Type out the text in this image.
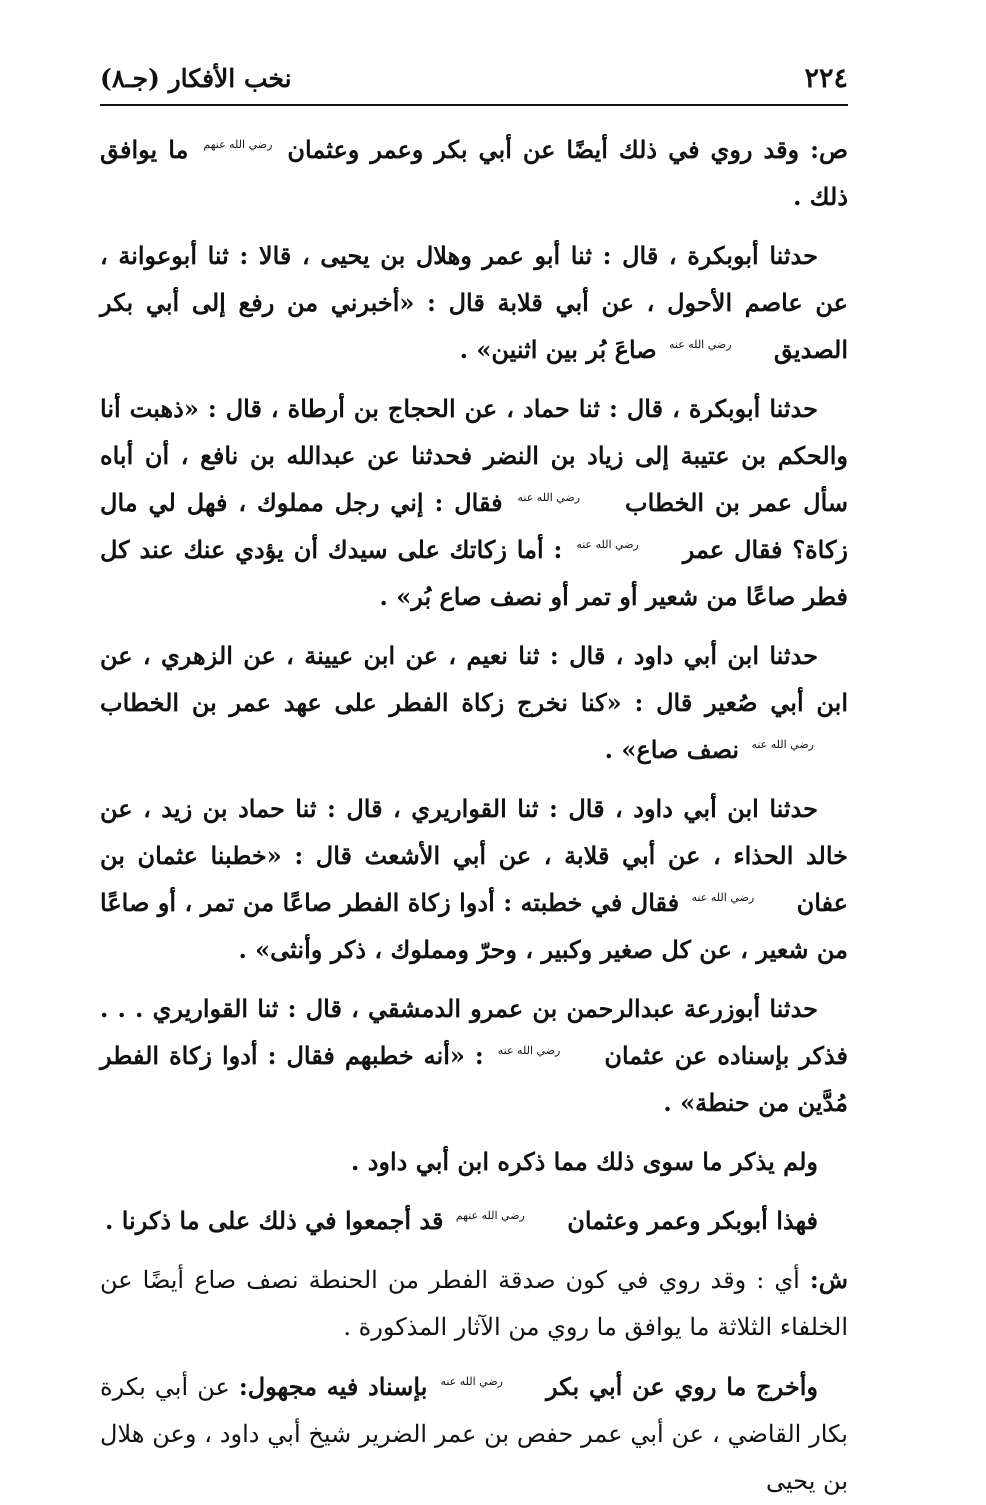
٢٢٤
نخب الأفكار (جـ٨)

ص: وقد روي في ذلك أيضًا عن أبي بكر وعمر وعثمان رضي الله عنهم ما يوافق ذلك .

حدثنا أبوبكرة ، قال : ثنا أبو عمر وهلال بن يحيى ، قالا : ثنا أبوعوانة ، عن عاصم الأحول ، عن أبي قلابة قال : «أخبرني من رفع إلى أبي بكر الصديق رضي الله عنه صاعَ بُر بين اثنين» .

حدثنا أبوبكرة ، قال : ثنا حماد ، عن الحجاج بن أرطاة ، قال : «ذهبت أنا والحكم بن عتيبة إلى زياد بن النضر فحدثنا عن عبدالله بن نافع ، أن أباه سأل عمر بن الخطاب رضي الله عنه فقال : إني رجل مملوك ، فهل لي مال زكاة؟ فقال عمر رضي الله عنه : أما زكاتك على سيدك أن يؤدي عنك عند كل فطر صاعًا من شعير أو تمر أو نصف صاع بُر» .

حدثنا ابن أبي داود ، قال : ثنا نعيم ، عن ابن عيينة ، عن الزهري ، عن ابن أبي صُعير قال : «كنا نخرج زكاة الفطر على عهد عمر بن الخطاب رضي الله عنه نصف صاع» .

حدثنا ابن أبي داود ، قال : ثنا القواريري ، قال : ثنا حماد بن زيد ، عن خالد الحذاء ، عن أبي قلابة ، عن أبي الأشعث قال : «خطبنا عثمان بن عفان رضي الله عنه فقال في خطبته : أدوا زكاة الفطر صاعًا من تمر ، أو صاعًا من شعير ، عن كل صغير وكبير ، وحرّ ومملوك ، ذكر وأنثى» .

حدثنا أبوزرعة عبدالرحمن بن عمرو الدمشقي ، قال : ثنا القواريري . . . فذكر بإسناده عن عثمان رضي الله عنه : «أنه خطبهم فقال : أدوا زكاة الفطر مُدَّين من حنطة» .

ولم يذكر ما سوى ذلك مما ذكره ابن أبي داود .

فهذا أبوبكر وعمر وعثمان رضي الله عنهم قد أجمعوا في ذلك على ما ذكرنا .

ش: أي : وقد روي في كون صدقة الفطر من الحنطة نصف صاع أيضًا عن الخلفاء الثلاثة ما يوافق ما روي من الآثار المذكورة .

وأخرج ما روي عن أبي بكر رضي الله عنه بإسناد فيه مجهول: عن أبي بكرة بكار القاضي ، عن أبي عمر حفص بن عمر الضرير شيخ أبي داود ، وعن هلال بن يحيى
